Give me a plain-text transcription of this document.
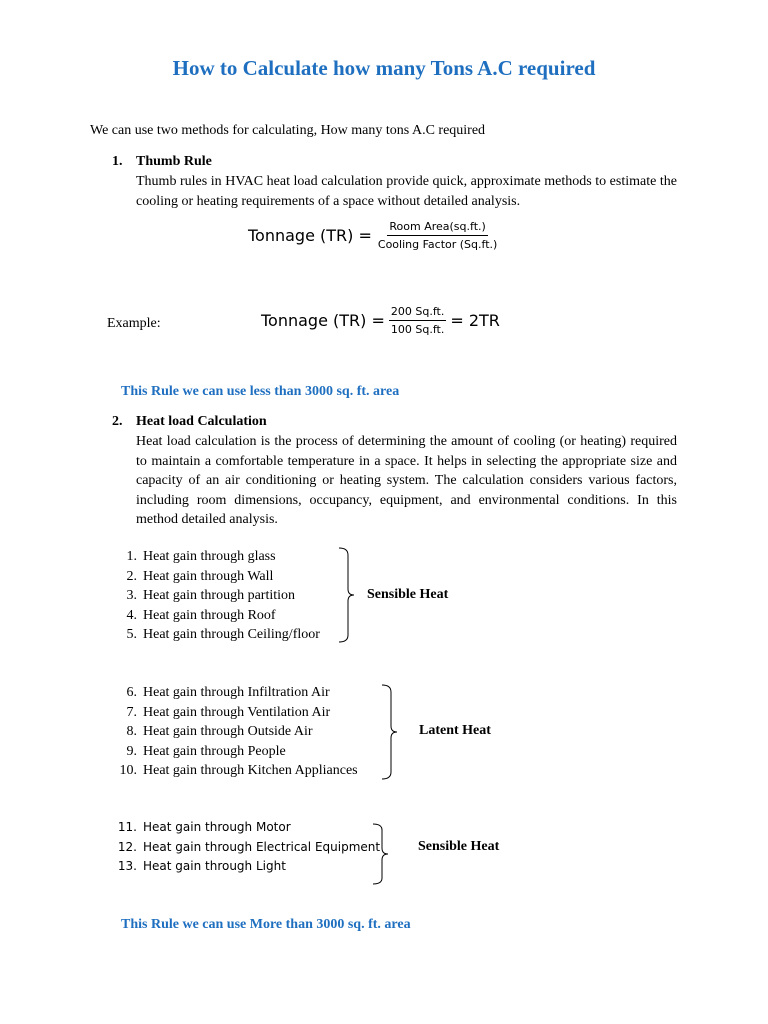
How to Calculate how many Tons A.C required
We can use two methods for calculating, How many tons A.C required
1. Thumb Rule
Thumb rules in HVAC heat load calculation provide quick, approximate methods to estimate the cooling or heating requirements of a space without detailed analysis.
Tonnage $(TR) = \frac{\text{Room Area(sq.ft.)}}{\text{Cooling Factor (Sq.ft.)}}$
Example:	Tonnage $(TR) = \frac{200 Sq.ft.}{100 Sq.ft.} = 2TR$
This Rule we can use less than 3000 sq. ft. area
2. Heat load Calculation
Heat load calculation is the process of determining the amount of cooling (or heating) required to maintain a comfortable temperature in a space. It helps in selecting the appropriate size and capacity of an air conditioning or heating system. The calculation considers various factors, including room dimensions, occupancy, equipment, and environmental conditions. In this method detailed analysis.
1. Heat gain through glass
2. Heat gain through Wall
3. Heat gain through partition
4. Heat gain through Roof
5. Heat gain through Ceiling/floor
Sensible Heat
6. Heat gain through Infiltration Air
7. Heat gain through Ventilation Air
8. Heat gain through Outside Air
9. Heat gain through People
10. Heat gain through Kitchen Appliances
Latent Heat
11. Heat gain through Motor
12. Heat gain through Electrical Equipment
13. Heat gain through Light
Sensible Heat
This Rule we can use More than 3000 sq. ft. area
